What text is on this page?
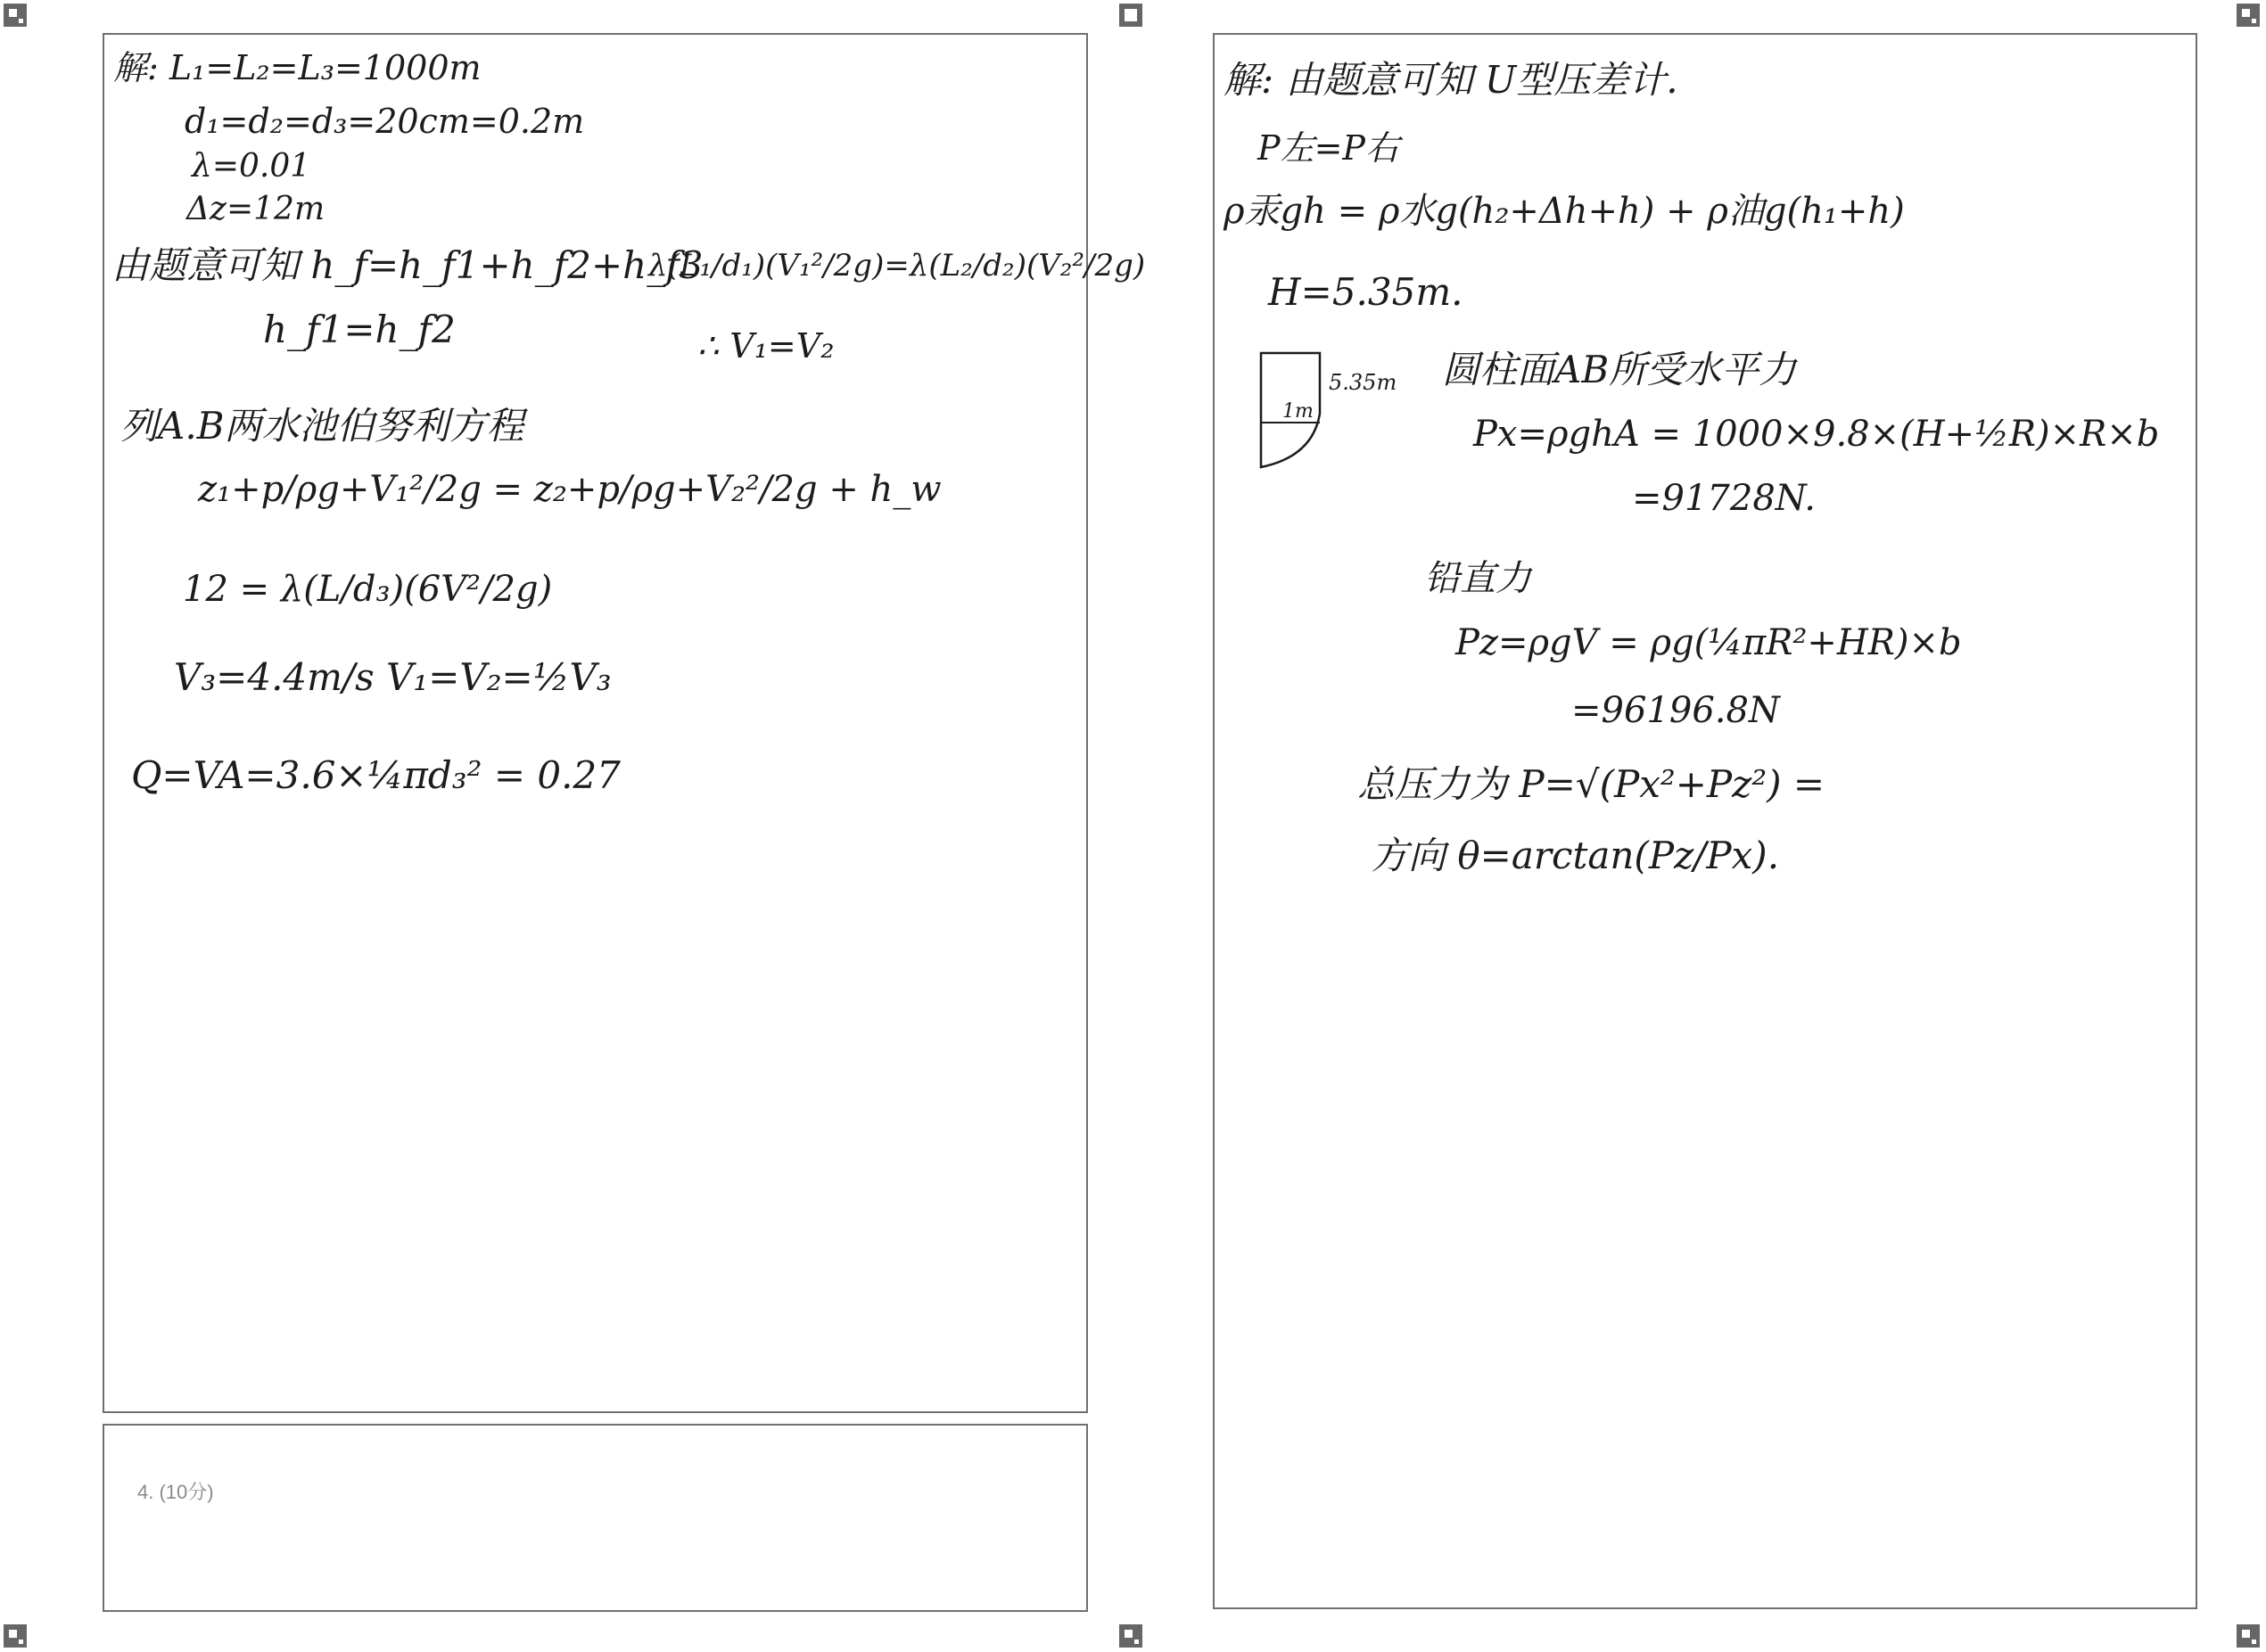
解: L₁=L₂=L₃=1000m
d₁=d₂=d₃=20cm=0.2m
λ=0.01
Δz=12m
由题意可知 h_f=h_f1+h_f2+h_f3
λ(L₁/d₁)(V₁²/2g)=λ(L₂/d₂)(V₂²/2g)
h_f1=h_f2	∴ V₁=V₂
列A.B两水池伯努利方程
z₁+p/ρg+V₁²/2g = z₂+p/ρg+V₂²/2g + h_w
12 = λ(L/d₃)(6V²/2g)
V₃=4.4m/s V₁=V₂=½V₃
Q=VA=3.6×¼πd₃² = 0.27
4. (10分)
解: 由题意可知 U型压差计.
P左=P右
ρ汞gh = ρ水g(h₂+Δh+h) + ρ油g(h₁+h)
H=5.35m.
5.35m
1m
圆柱面AB所受水平力
Px=ρghA = 1000×9.8×(H+½R)×R×b
=91728N.
铅直力
Pz=ρgV = ρg(¼πR²+HR)×b
=96196.8N
总压力为 P=√(Px²+Pz²) =
方向 θ=arctan(Pz/Px).
